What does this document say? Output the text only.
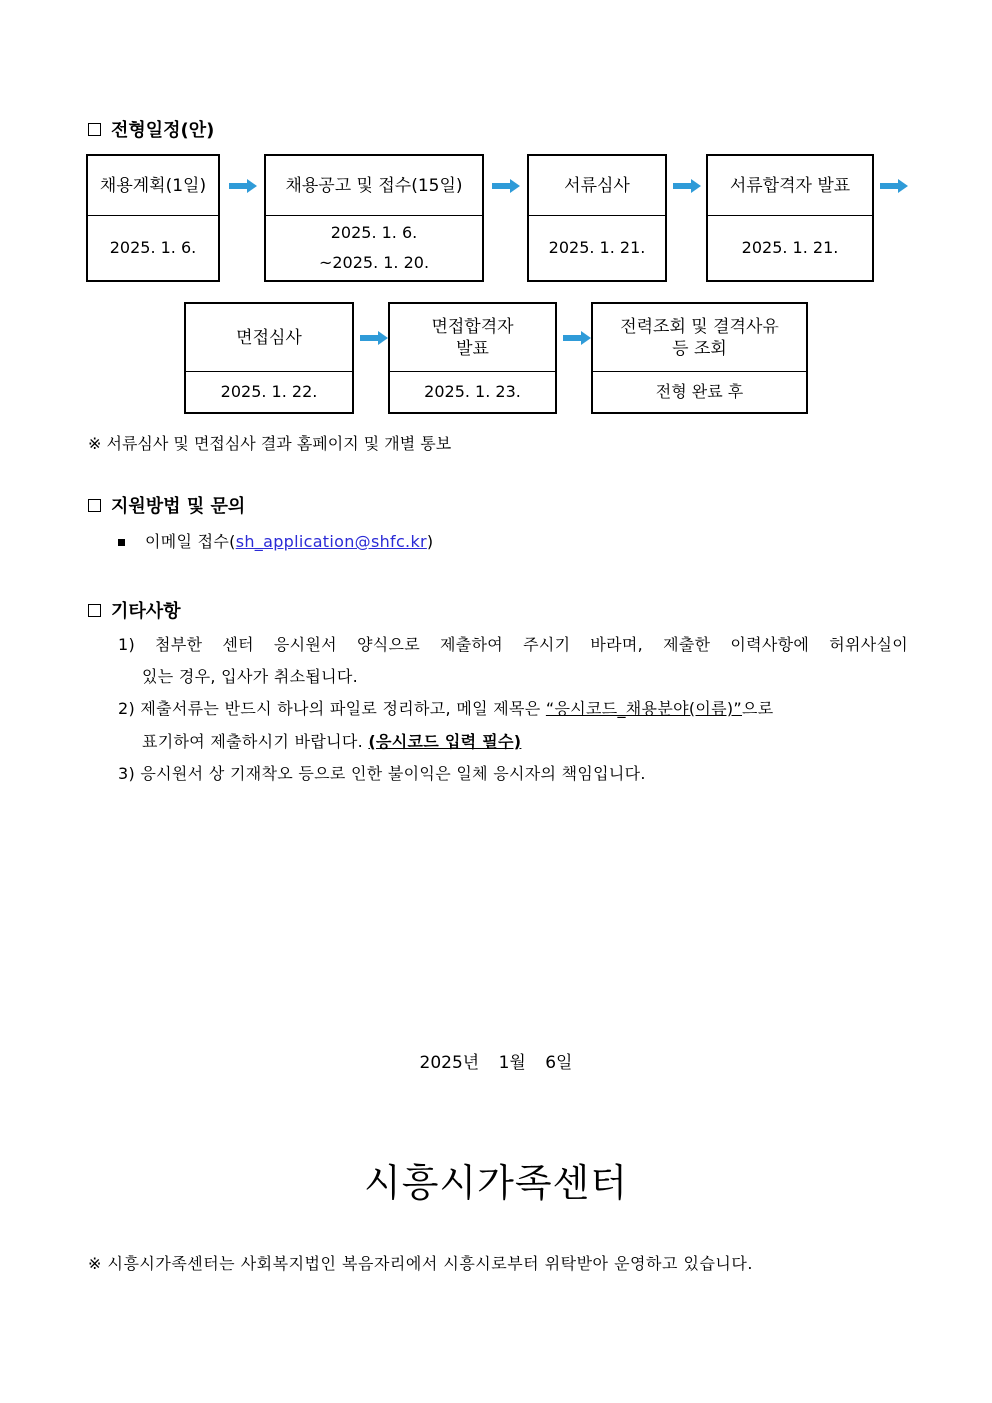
전형일정(안)
채용계획(1일)
2025. 1. 6.
채용공고 및 접수(15일)
2025. 1. 6.
~2025. 1. 20.
서류심사
2025. 1. 21.
서류합격자 발표
2025. 1. 21.
면접심사
2025. 1. 22.
면접합격자
발표
2025. 1. 23.
전력조회 및 결격사유
등 조회
전형 완료 후
※ 서류심사 및 면접심사 결과 홈페이지 및 개별 통보
지원방법 및 문의
이메일 접수(sh_application@shfc.kr)
기타사항
1) 첨부한 센터 응시원서 양식으로 제출하여 주시기 바라며, 제출한 이력사항에 허위사실이
있는 경우, 입사가 취소됩니다.
2) 제출서류는 반드시 하나의 파일로 정리하고, 메일 제목은 “응시코드_채용분야(이름)”으로
표기하여 제출하시기 바랍니다. (응시코드 입력 필수)
3) 응시원서 상 기재착오 등으로 인한 불이익은 일체 응시자의 책임입니다.
2025년 1월 6일
시흥시가족센터
※ 시흥시가족센터는 사회복지법인 복음자리에서 시흥시로부터 위탁받아 운영하고 있습니다.
